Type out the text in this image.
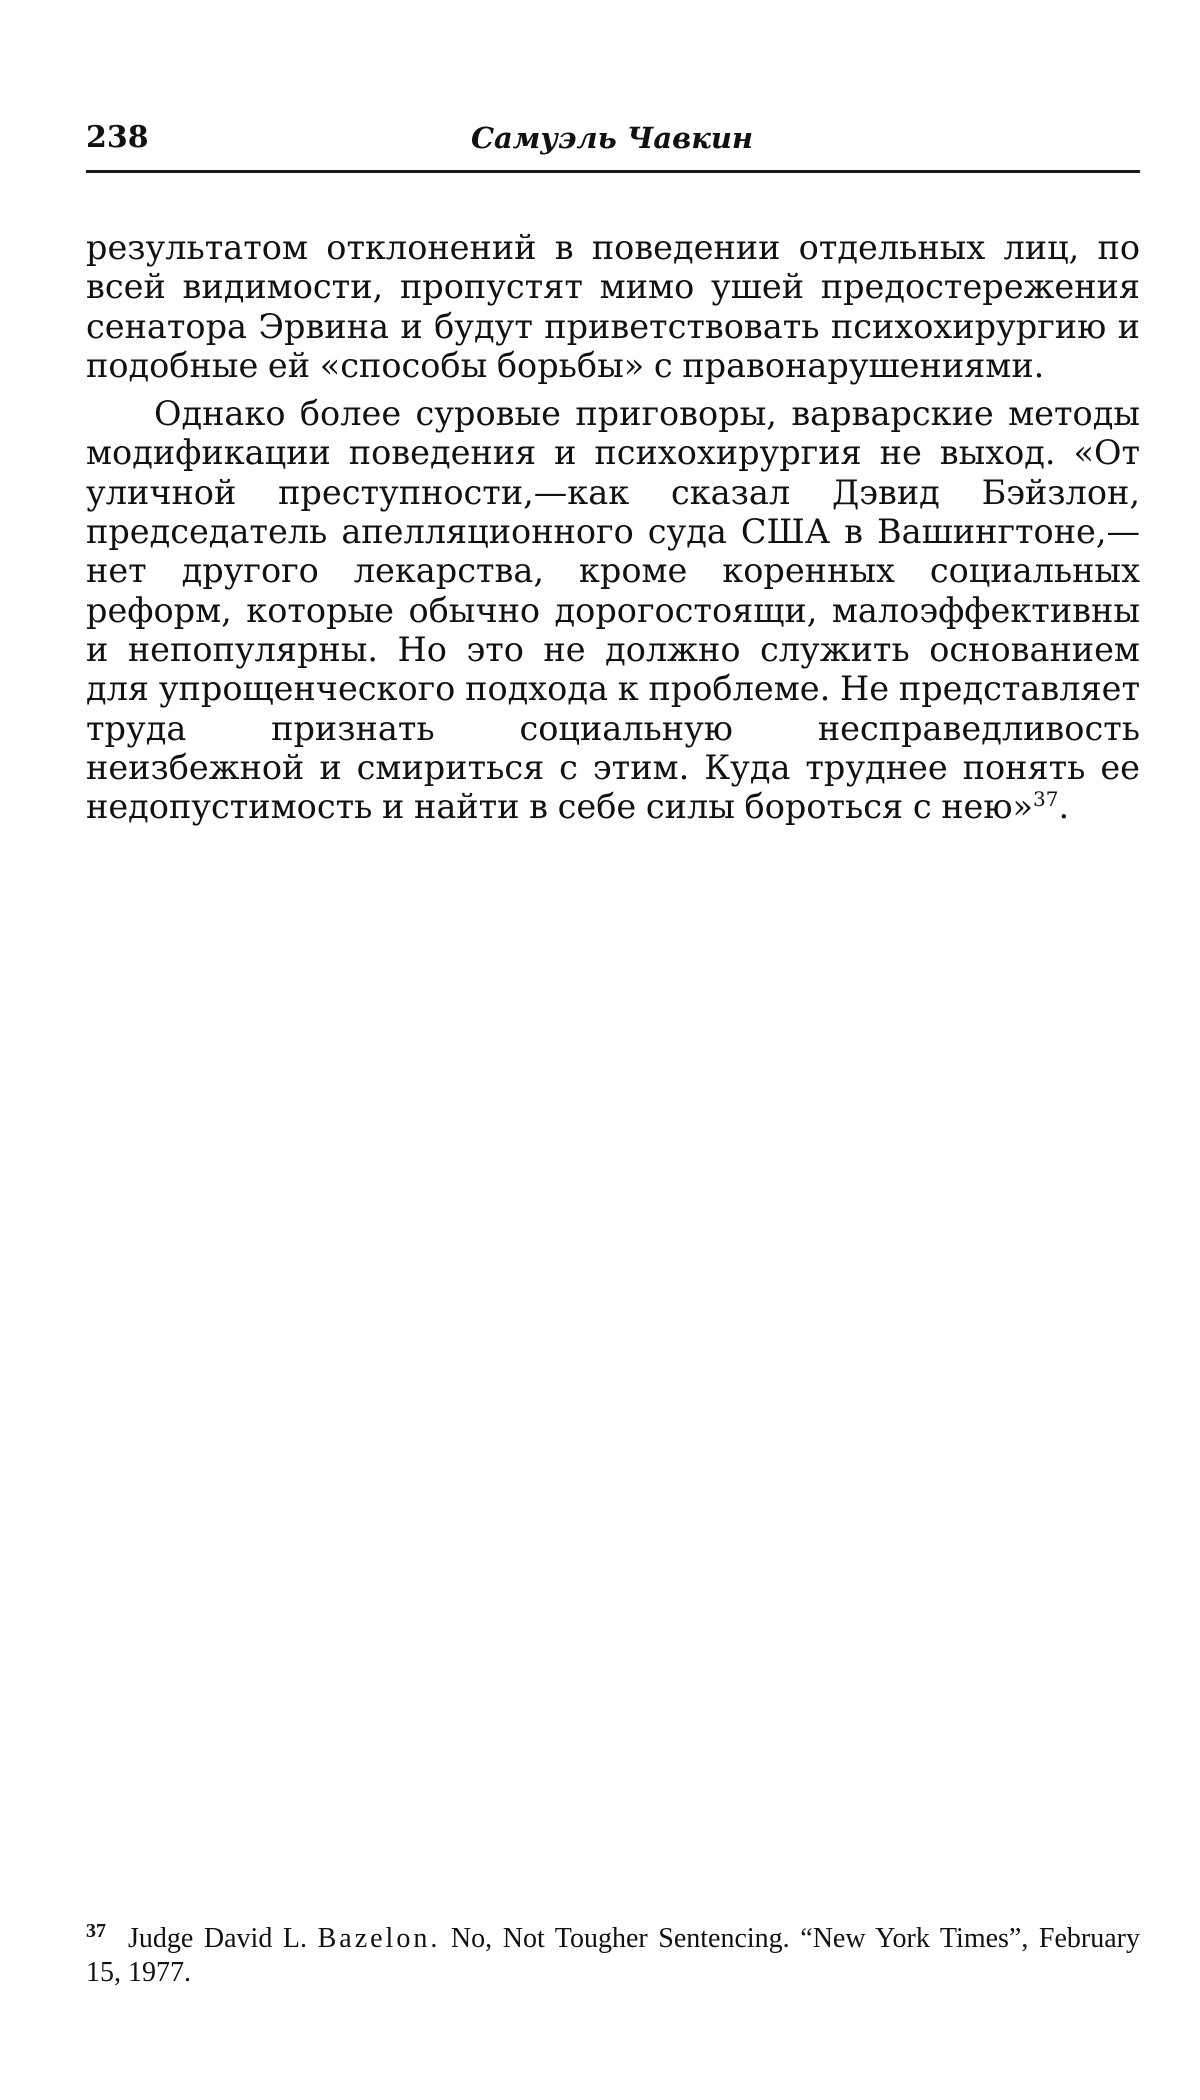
238	Самуэль Чавкин

результатом отклонений в поведении отдельных лиц, по всей видимости, пропустят мимо ушей предостережения сенатора Эрвина и будут приветствовать психохирургию и подобные ей «способы борьбы» с правонарушениями.

Однако более суровые приговоры, варварские методы модификации поведения и психохирургия не выход. «От уличной преступности,—как сказал Дэвид Бэйзлон, председатель апелляционного суда США в Вашингтоне,—нет другого лекарства, кроме коренных социальных реформ, которые обычно дорогостоящи, малоэффективны и непопулярны. Но это не должно служить основанием для упрощенческого подхода к проблеме. Не представляет труда признать социальную несправедливость неизбежной и смириться с этим. Куда труднее понять ее недопустимость и найти в себе силы бороться с нею»$^{37}$.

$^{37}$ Judge David L. Bazelon. No, Not Tougher Sentencing. “New York Times”, February 15, 1977.
